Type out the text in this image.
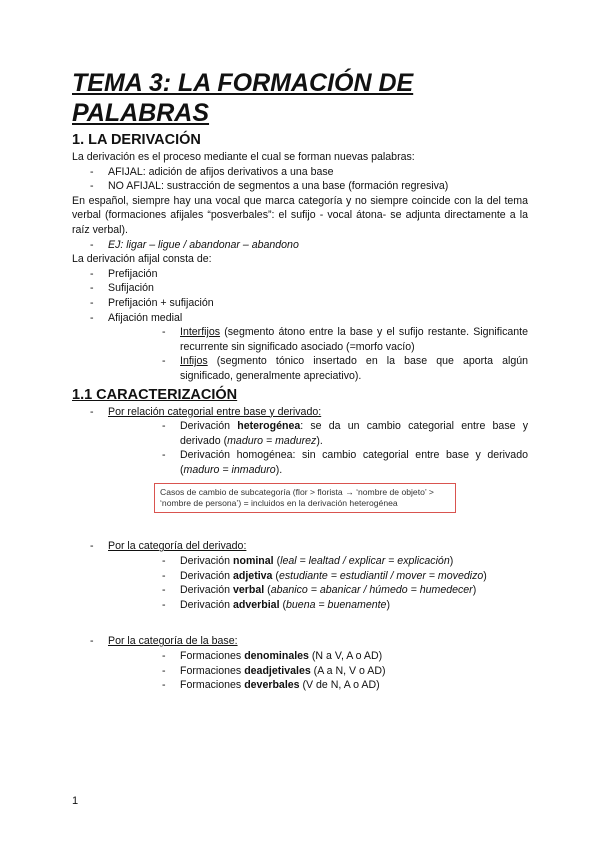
TEMA 3: LA FORMACIÓN DE
PALABRAS
1. LA DERIVACIÓN

La derivación es el proceso mediante el cual se forman nuevas palabras:

- AFIJAL: adición de afijos derivativos a una base
- NO AFIJAL: sustracción de segmentos a una base (formación regresiva)

En español, siempre hay una vocal que marca categoría y no siempre coincide con la del tema verbal (formaciones afijales “posverbales”: el sufijo - vocal átona- se adjunta directamente a la raíz verbal).

- EJ: ligar – ligue / abandonar – abandono

La derivación afijal consta de:

- Prefijación
- Sufijación
- Prefijación + sufijación
- Afijación medial
- Interfijos (segmento átono entre la base y el sufijo restante. Significante recurrente sin significado asociado (=morfo vacío)
- Infijos (segmento tónico insertado en la base que aporta algún significado, generalmente apreciativo).
1.1 CARACTERIZACIÓN
- Por relación categorial entre base y derivado:
- Derivación heterogénea: se da un cambio categorial entre base y derivado (maduro = madurez).
- Derivación homogénea: sin cambio categorial entre base y derivado (maduro = inmaduro).
Casos de cambio de subcategoría (flor > florista → ‘nombre de objeto’ >
‘nombre de persona’) = incluidos en la derivación heterogénea
- Por la categoría del derivado:
- Derivación nominal (leal = lealtad / explicar = explicación)
- Derivación adjetiva (estudiante = estudiantil / mover = movedizo)
- Derivación verbal (abanico = abanicar / húmedo = humedecer)
- Derivación adverbial (buena = buenamente)
- Por la categoría de la base:
- Formaciones denominales (N a V, A o AD)
- Formaciones deadjetivales (A a N, V o AD)
- Formaciones deverbales (V de N, A o AD)
1
